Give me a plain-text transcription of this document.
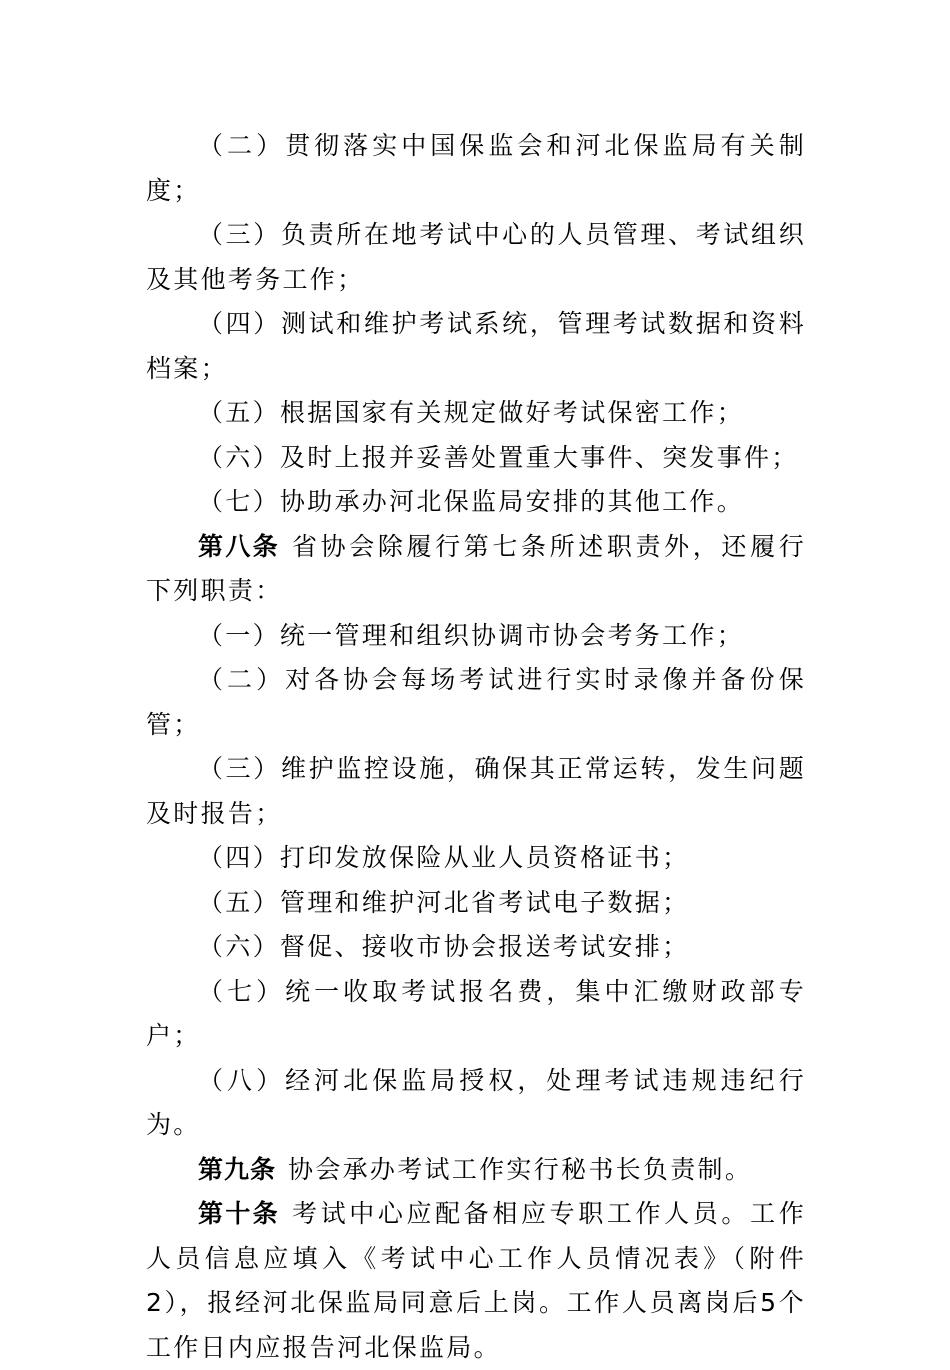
（二）贯彻落实中国保监会和河北保监局有关制度；

（三）负责所在地考试中心的人员管理、考试组织及其他考务工作；

（四）测试和维护考试系统，管理考试数据和资料档案；

（五）根据国家有关规定做好考试保密工作；

（六）及时上报并妥善处置重大事件、突发事件；

（七）协助承办河北保监局安排的其他工作。

第八条 省协会除履行第七条所述职责外，还履行下列职责：

（一）统一管理和组织协调市协会考务工作；

（二）对各协会每场考试进行实时录像并备份保管；

（三）维护监控设施，确保其正常运转，发生问题及时报告；

（四）打印发放保险从业人员资格证书；

（五）管理和维护河北省考试电子数据；

（六）督促、接收市协会报送考试安排；

（七）统一收取考试报名费，集中汇缴财政部专户；

（八）经河北保监局授权，处理考试违规违纪行为。

第九条 协会承办考试工作实行秘书长负责制。

第十条 考试中心应配备相应专职工作人员。工作人员信息应填入《考试中心工作人员情况表》（附件2），报经河北保监局同意后上岗。工作人员离岗后5个工作日内应报告河北保监局。
